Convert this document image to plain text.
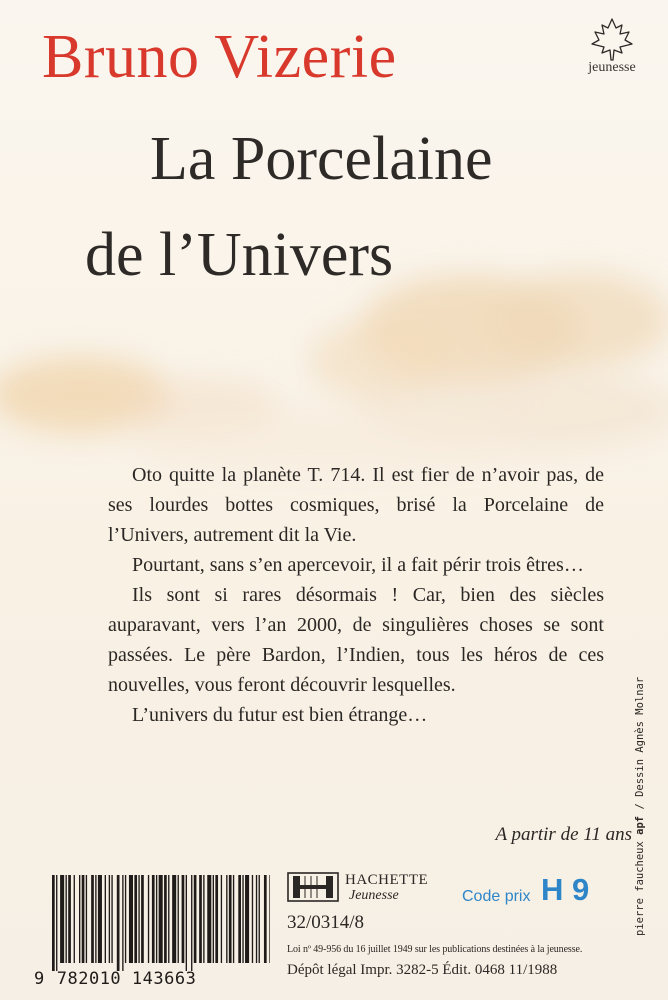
Bruno Vizerie
La Porcelaine
de l’Univers
jeunesse

Oto quitte la planète T. 714. Il est fier de n’avoir pas, de ses lourdes bottes cosmiques, brisé la Porcelaine de l’Univers, autrement dit la Vie.

Pourtant, sans s’en apercevoir, il a fait périr trois êtres…

Ils sont si rares désormais ! Car, bien des siècles auparavant, vers l’an 2000, de singulières choses se sont passées. Le père Bardon, l’Indien, tous les héros de ces nouvelles, vous feront découvrir lesquelles.

L’univers du futur est bien étrange…

A partir de 11 ans
9 782010 143663
HACHETTE
Jeunesse	Code prix H 9
32/0314/8
Loi nº 49-956 du 16 juillet 1949 sur les publications destinées à la jeunesse.
Dépôt légal Impr. 3282-5 Édit. 0468 11/1988
pierre faucheux apf / Dessin Agnès Molnar
